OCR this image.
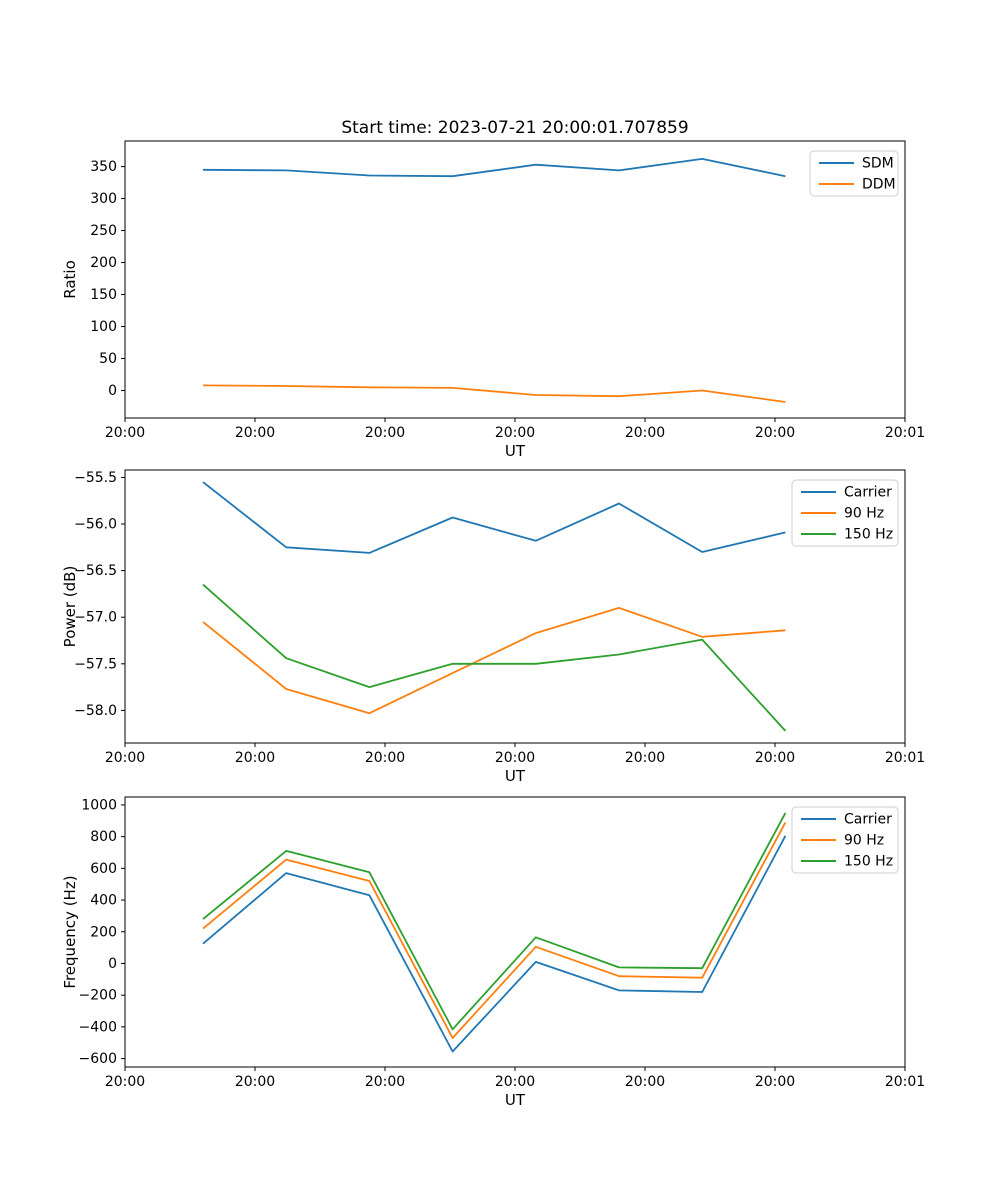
Start time: 2023-07-21 20:00:01.707859
0
50
100
150
200
250
300
350
20:00	20:00	20:00	20:00	20:00	20:00	20:01
UT
Ratio
SDM
DDM
−58.0
−57.5
−57.0
−56.5
−56.0
−55.5
20:00	20:00	20:00	20:00	20:00	20:00	20:01
UT
Power (dB)
Carrier
90 Hz
150 Hz
−600
−400
−200
0
200
400
600
800
1000
20:00	20:00	20:00	20:00	20:00	20:00	20:01
UT
Frequency (Hz)
Carrier
90 Hz
150 Hz
